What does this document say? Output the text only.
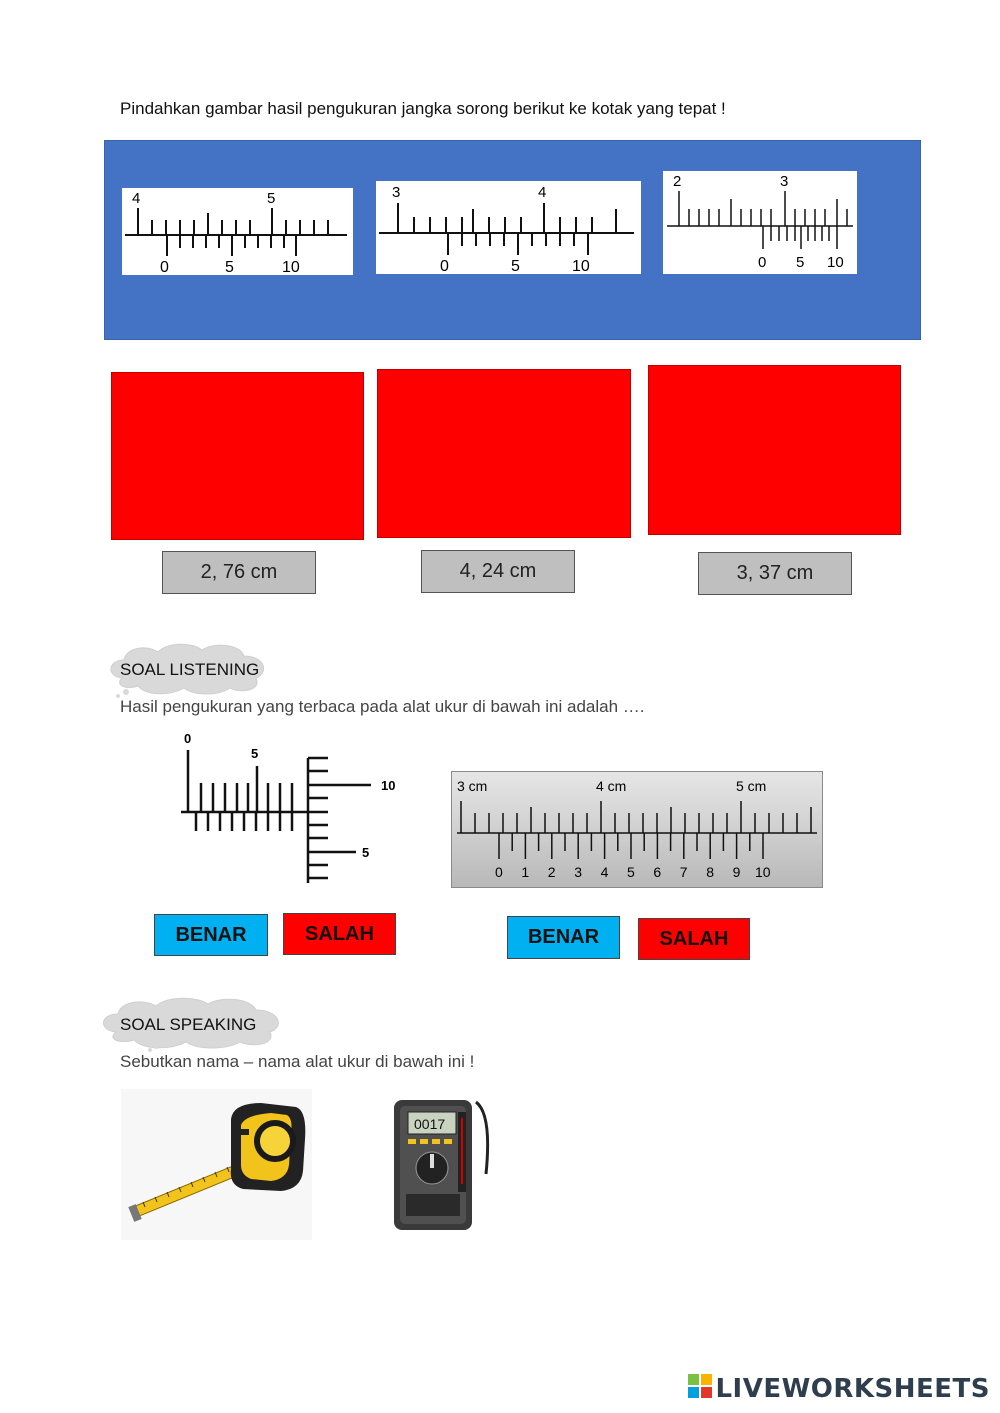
Pindahkan gambar hasil pengukuran jangka sorong berikut ke kotak yang tepat !
4	5
0	5	10
3	4
0	5	10
2	3
0 5 10
2, 76 cm	4, 24 cm	3, 37 cm
SOAL LISTENING
Hasil pengukuran yang terbaca pada alat ukur di bawah ini adalah ….
0
5
10
5
3 cm	4 cm	5 cm
0 1 2 3 4 5 6 7 8 9 10
BENAR	SALAH	BENAR	SALAH
SOAL SPEAKING
Sebutkan nama – nama alat ukur di bawah ini !
0017
LIVEWORKSHEETS
